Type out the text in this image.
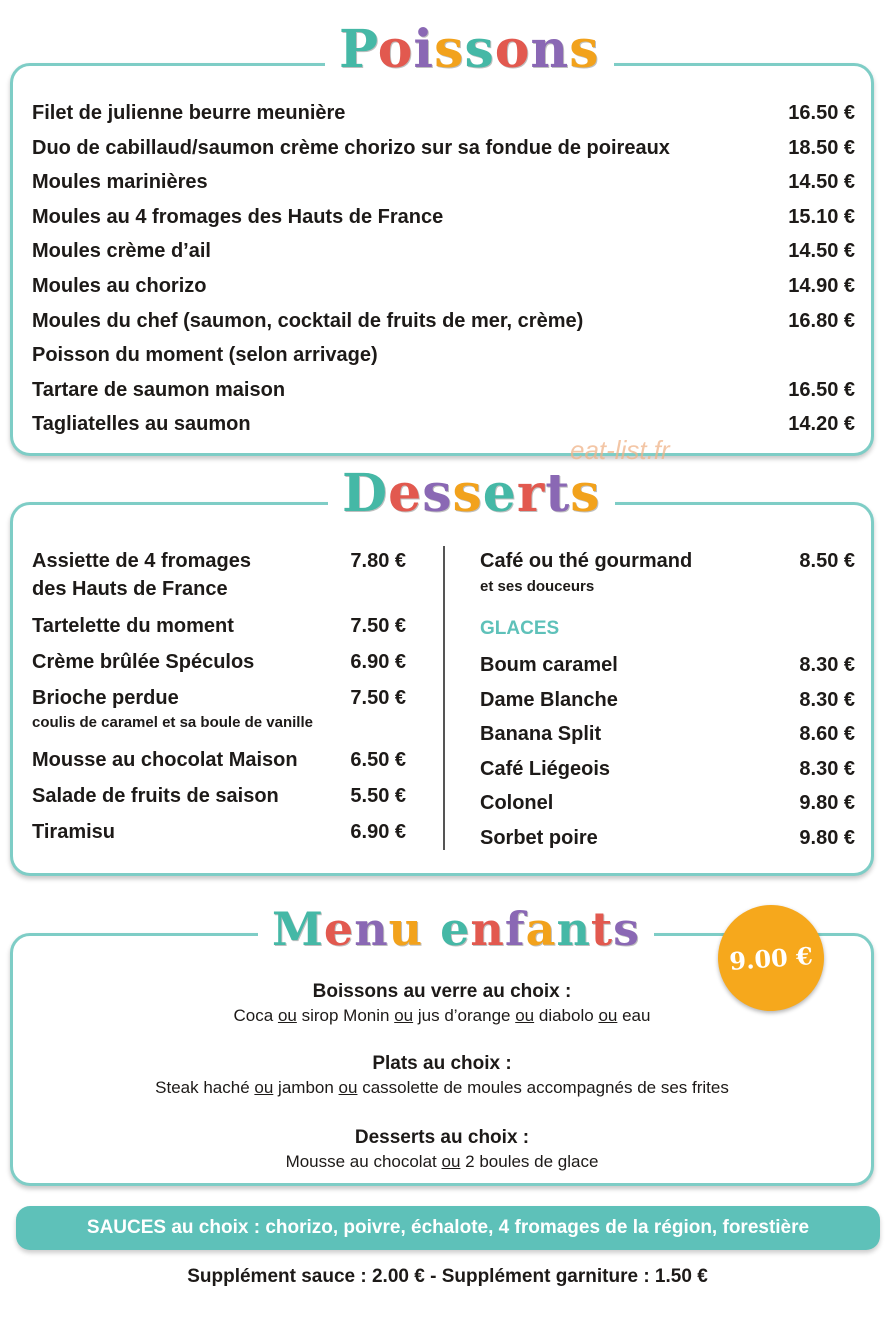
Poissons
Filet de julienne beurre meunière	16.50 €
Duo de cabillaud/saumon crème chorizo sur sa fondue de poireaux	18.50 €
Moules marinières	14.50 €
Moules au 4 fromages des Hauts de France	15.10 €
Moules crème d’ail	14.50 €
Moules au chorizo	14.90 €
Moules du chef (saumon, cocktail de fruits de mer, crème)	16.80 €
Poisson du moment (selon arrivage)
Tartare de saumon maison	16.50 €
Tagliatelles au saumon	14.20 €
eat-list.fr
Desserts
Assiette de 4 fromages	7.80 €
des Hauts de France
Tartelette du moment	7.50 €
Crème brûlée Spéculos	6.90 €
Brioche perdue	7.50 €
coulis de caramel et sa boule de vanille
Mousse au chocolat Maison	6.50 €
Salade de fruits de saison	5.50 €
Tiramisu	6.90 €
Café ou thé gourmand	8.50 €
et ses douceurs
GLACES
Boum caramel	8.30 €
Dame Blanche	8.30 €
Banana Split	8.60 €
Café Liégeois	8.30 €
Colonel	9.80 €
Sorbet poire	9.80 €
Menu enfants
9.00 €
Boissons au verre au choix :
Coca ou sirop Monin ou jus d’orange ou diabolo ou eau
Plats au choix :
Steak haché ou jambon ou cassolette de moules accompagnés de ses frites
Desserts au choix :
Mousse au chocolat ou 2 boules de glace
SAUCES au choix : chorizo, poivre, échalote, 4 fromages de la région, forestière
Supplément sauce : 2.00 € - Supplément garniture : 1.50 €
